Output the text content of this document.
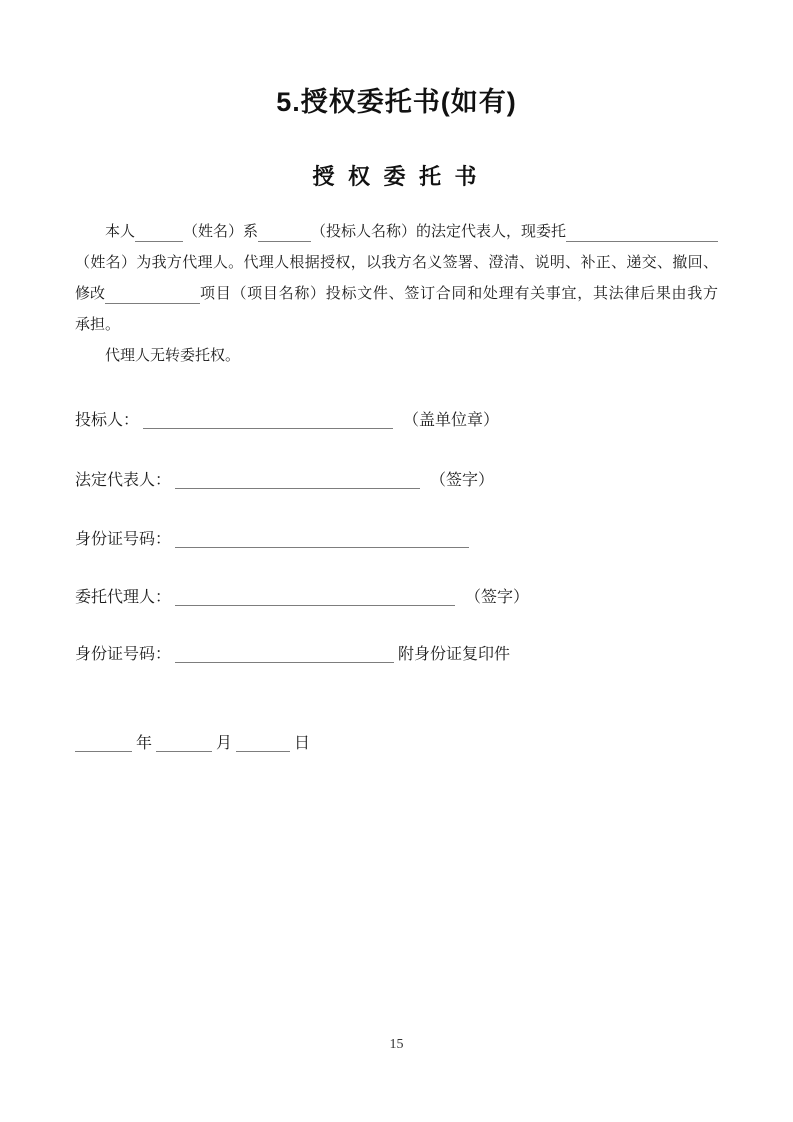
5.授权委托书(如有)
授 权 委 托 书
本人	（姓名）系	（投标人名称）的法定代表人，现委托
（姓名）为我方代理人。代理人根据授权，以我方名义签署、澄清、说明、补正、递交、撤回、
修改	项目（项目名称）投标文件、签订合同和处理有关事宜，其法律后果由我方
承担。
代理人无转委托权。
投标人：	（盖单位章）
法定代表人：	（签字）
身份证号码：
委托代理人：	（签字）
身份证号码：	附身份证复印件
年	月	日
15
